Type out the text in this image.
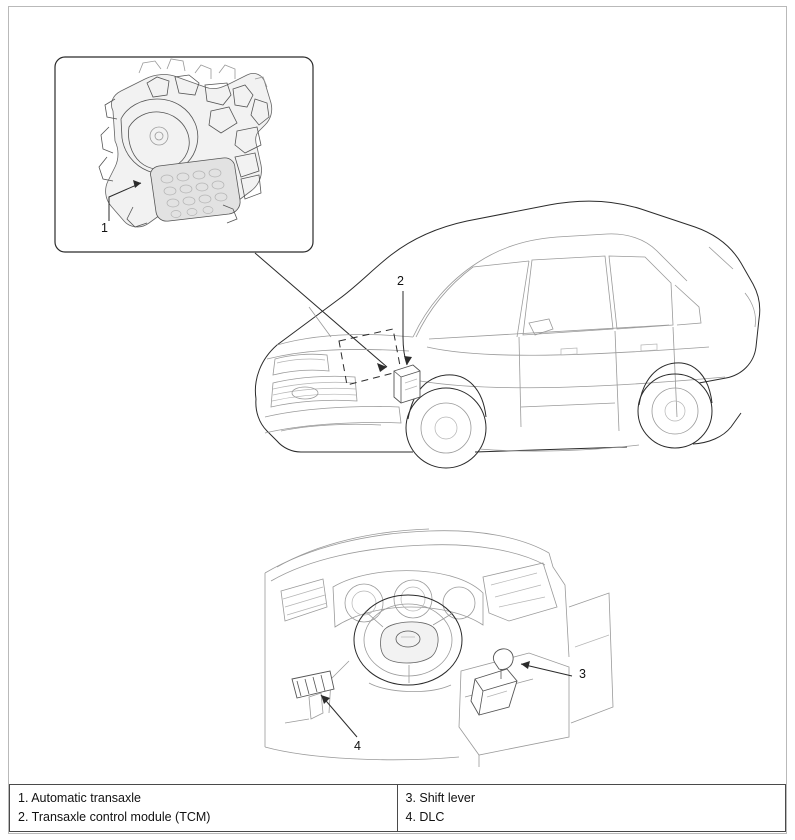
1
2
3
4
1. Automatic transaxle
2. Transaxle control module (TCM)
3. Shift lever
4. DLC
